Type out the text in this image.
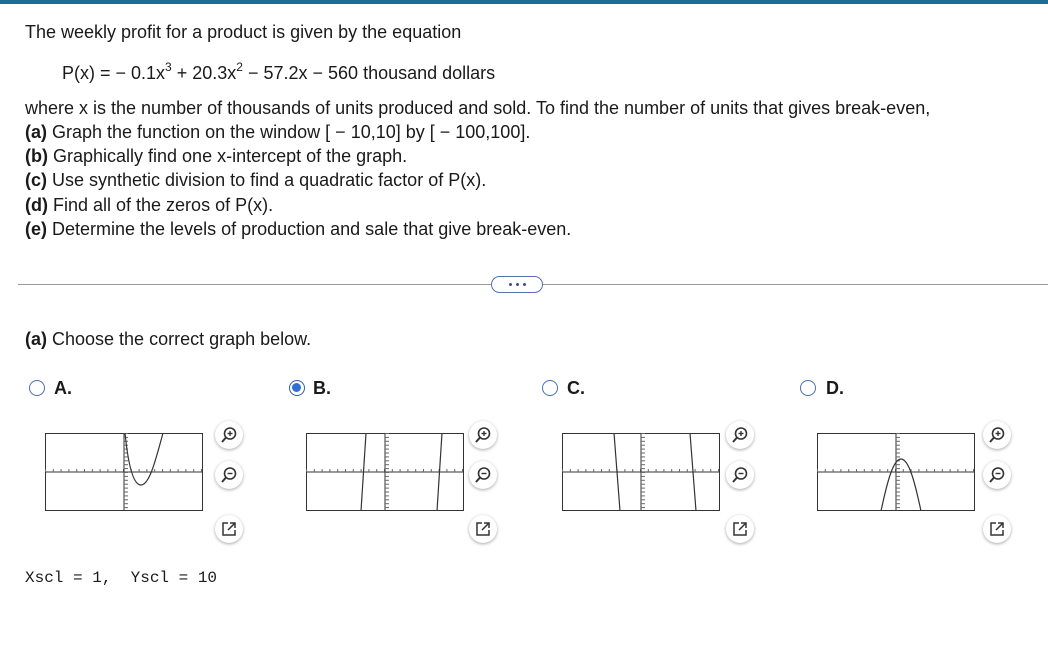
The weekly profit for a product is given by the equation
P(x) = − $0.1x^3 + 20.3x^2 - 57.2x - 560$ thousand dollars
where x is the number of thousands of units produced and sold. To find the number of units that gives break-even,
(a) Graph the function on the window [ − 10,10] by [ − 100,100].
(b) Graphically find one x-intercept of the graph.
(c) Use synthetic division to find a quadratic factor of P(x).
(d) Find all of the zeros of P(x).
(e) Determine the levels of production and sale that give break-even.
(a) Choose the correct graph below.
A.	B.	C.	D.
Xscl = 1,  Yscl = 10
